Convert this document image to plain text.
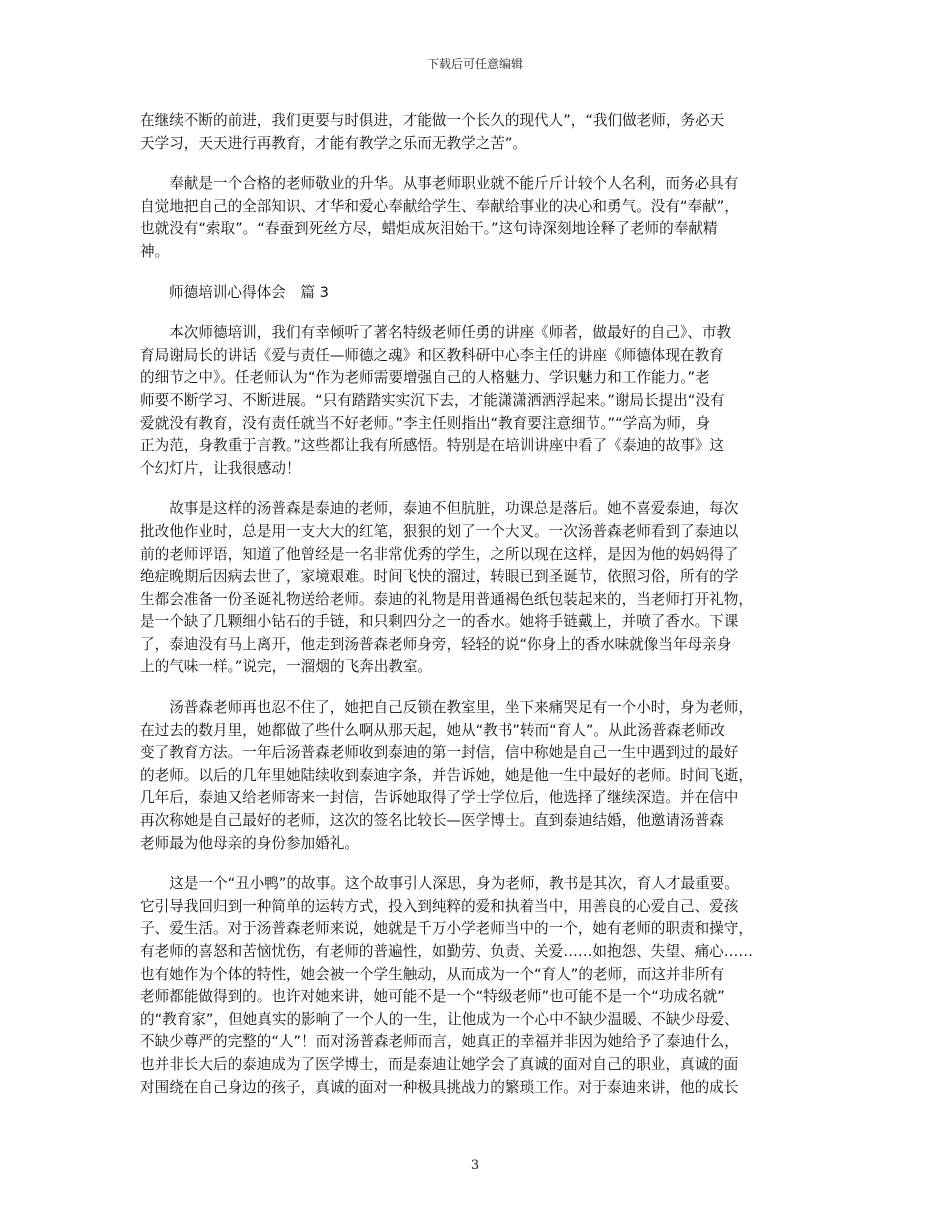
下载后可任意编辑

在继续不断的前进，我们更要与时俱进，才能做一个长久的现代人”，“我们做老师，务必天
天学习，天天进行再教育，才能有教学之乐而无教学之苦”。

　　奉献是一个合格的老师敬业的升华。从事老师职业就不能斤斤计较个人名利，而务必具有
自觉地把自己的全部知识、才华和爱心奉献给学生、奉献给事业的决心和勇气。没有“奉献”，
也就没有“索取”。“春蚕到死丝方尽，蜡炬成灰泪始干。”这句诗深刻地诠释了老师的奉献精
神。

师德培训心得体会　篇 3

　　本次师德培训，我们有幸倾听了著名特级老师任勇的讲座《师者，做最好的自己》、市教
育局谢局长的讲话《爱与责任—师德之魂》和区教科研中心李主任的讲座《师德体现在教育
的细节之中》。任老师认为“作为老师需要增强自己的人格魅力、学识魅力和工作能力。”老
师要不断学习、不断进展。“只有踏踏实实沉下去，才能潇潇洒洒浮起来。”谢局长提出“没有
爱就没有教育，没有责任就当不好老师。”李主任则指出“教育要注意细节。”“学高为师，身
正为范，身教重于言教。”这些都让我有所感悟。特别是在培训讲座中看了《泰迪的故事》这
个幻灯片，让我很感动！

　　故事是这样的汤普森是泰迪的老师，泰迪不但肮脏，功课总是落后。她不喜爱泰迪，每次
批改他作业时，总是用一支大大的红笔，狠狠的划了一个大叉。一次汤普森老师看到了泰迪以
前的老师评语，知道了他曾经是一名非常优秀的学生，之所以现在这样，是因为他的妈妈得了
绝症晚期后因病去世了，家境艰难。时间飞快的溜过，转眼已到圣诞节，依照习俗，所有的学
生都会准备一份圣诞礼物送给老师。泰迪的礼物是用普通褐色纸包装起来的，当老师打开礼物，
是一个缺了几颗细小钻石的手链，和只剩四分之一的香水。她将手链戴上，并喷了香水。下课
了，泰迪没有马上离开，他走到汤普森老师身旁，轻轻的说“你身上的香水味就像当年母亲身
上的气味一样。”说完，一溜烟的飞奔出教室。

　　汤普森老师再也忍不住了，她把自己反锁在教室里，坐下来痛哭足有一个小时，身为老师，
在过去的数月里，她都做了些什么啊从那天起，她从“教书”转而“育人”。从此汤普森老师改
变了教育方法。一年后汤普森老师收到泰迪的第一封信，信中称她是自己一生中遇到过的最好
的老师。以后的几年里她陆续收到泰迪字条，并告诉她，她是他一生中最好的老师。时间飞逝，
几年后，泰迪又给老师寄来一封信，告诉她取得了学士学位后，他选择了继续深造。并在信中
再次称她是自己最好的老师，这次的签名比较长—医学博士。直到泰迪结婚，他邀请汤普森
老师最为他母亲的身份参加婚礼。

　　这是一个“丑小鸭”的故事。这个故事引人深思，身为老师，教书是其次，育人才最重要。
它引导我回归到一种简单的运转方式，投入到纯粹的爱和执着当中，用善良的心爱自己、爱孩
子、爱生活。对于汤普森老师来说，她就是千万小学老师当中的一个，她有老师的职责和操守，
有老师的喜怒和苦恼忧伤，有老师的普遍性，如勤劳、负责、关爱……如抱怨、失望、痛心……
也有她作为个体的特性，她会被一个学生触动，从而成为一个“育人”的老师，而这并非所有
老师都能做得到的。也许对她来讲，她可能不是一个“特级老师”也可能不是一个“功成名就”
的“教育家”，但她真实的影响了一个人的一生，让他成为一个心中不缺少温暖、不缺少母爱、
不缺少尊严的完整的“人”！而对汤普森老师而言，她真正的幸福并非因为她给予了泰迪什么，
也并非长大后的泰迪成为了医学博士，而是泰迪让她学会了真诚的面对自己的职业，真诚的面
对围绕在自己身边的孩子，真诚的面对一种极具挑战力的繁琐工作。对于泰迪来讲，他的成长

3
